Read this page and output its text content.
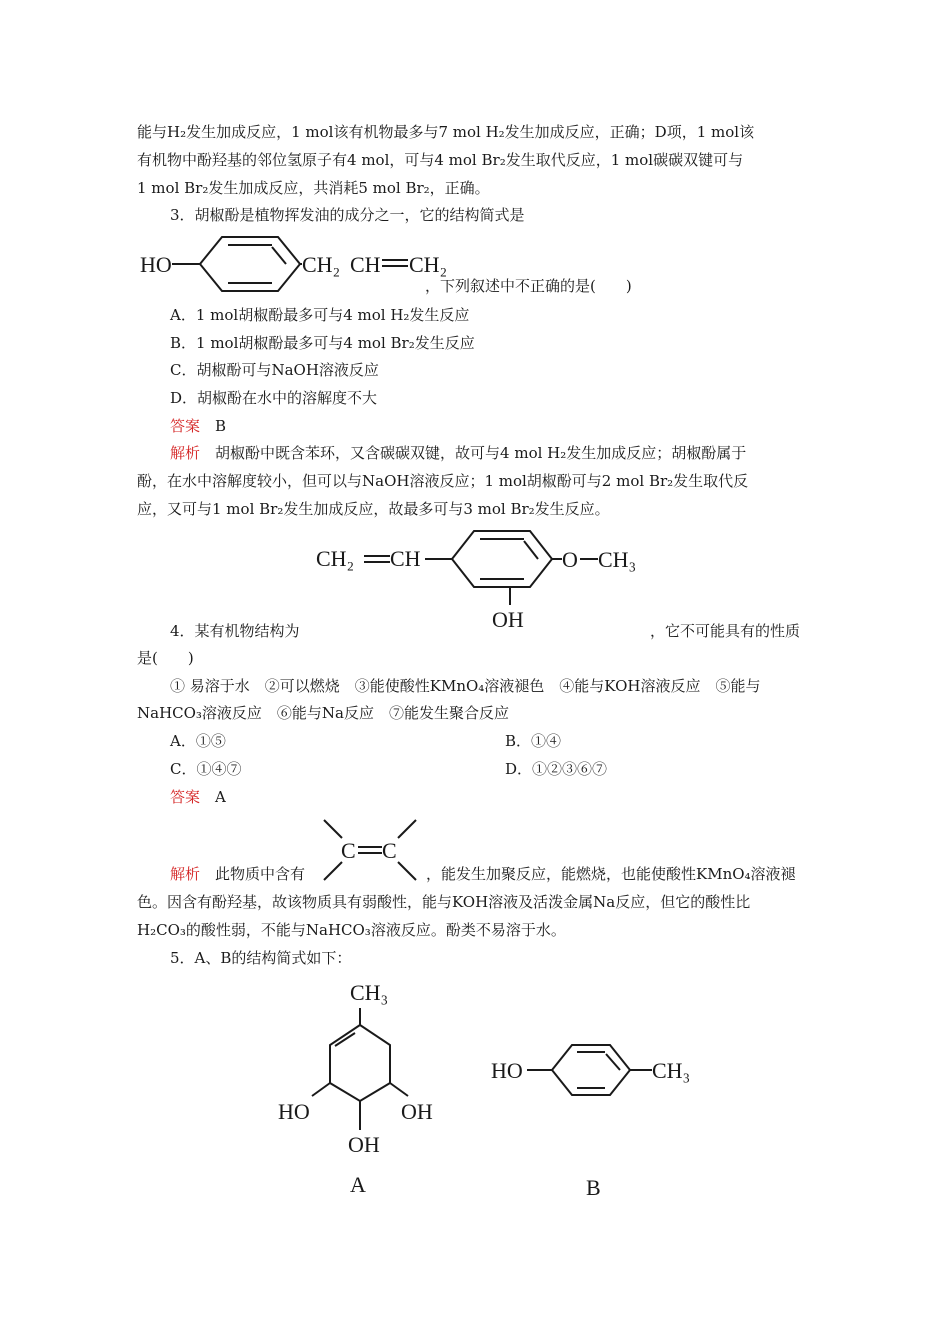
能与H₂发生加成反应，1 mol该有机物最多与7 mol H₂发生加成反应，正确；D项，1 mol该
有机物中酚羟基的邻位氢原子有4 mol，可与4 mol Br₂发生取代反应，1 mol碳碳双键可与
1 mol Br₂发生加成反应，共消耗5 mol Br₂，正确。
3．胡椒酚是植物挥发油的成分之一，它的结构简式是
，下列叙述中不正确的是(　　)
A．1 mol胡椒酚最多可与4 mol H₂发生反应
B．1 mol胡椒酚最多可与4 mol Br₂发生反应
C．胡椒酚可与NaOH溶液反应
D．胡椒酚在水中的溶解度不大
答案　 B
解析　 胡椒酚中既含苯环，又含碳碳双键，故可与4 mol H₂发生加成反应；胡椒酚属于
酚，在水中溶解度较小，但可以与NaOH溶液反应；1 mol胡椒酚可与2 mol Br₂发生取代反
应，又可与1 mol Br₂发生加成反应，故最多可与3 mol Br₂发生反应。
4．某有机物结构为	，它不可能具有的性质
是(　　)
① 易溶于水　②可以燃烧　③能使酸性KMnO₄溶液褪色　④能与KOH溶液反应　⑤能与
NaHCO₃溶液反应　⑥能与Na反应　⑦能发生聚合反应
A．①⑤	B．①④
C．①④⑦	D．①②③⑥⑦
答案　 A
解析　 此物质中含有	，能发生加聚反应，能燃烧，也能使酸性KMnO₄溶液褪
色。因含有酚羟基，故该物质具有弱酸性，能与KOH溶液及活泼金属Na反应，但它的酸性比
H₂CO₃的酸性弱，不能与NaHCO₃溶液反应。酚类不易溶于水。
5．A、B的结构简式如下：
HO	CH₂ CH CH₂
CH₂ CH	O CH₃
OH
C C
CH₃
HO	OH
OH
A
HO	CH₃
B
